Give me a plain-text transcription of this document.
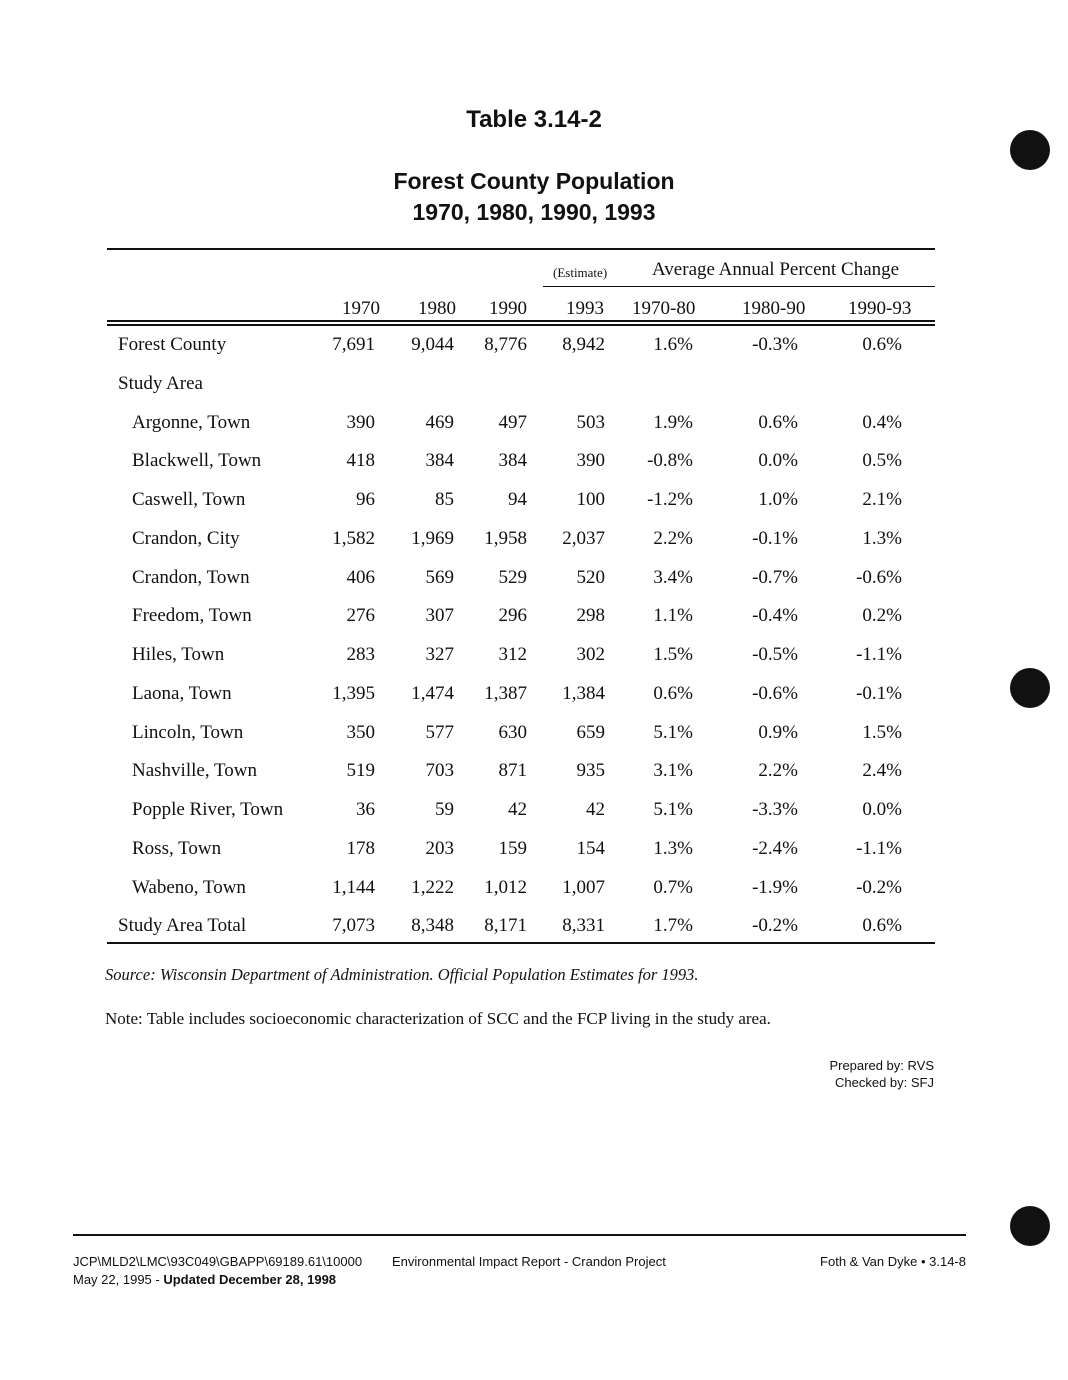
Table 3.14-2
Forest County Population
1970, 1980, 1990, 1993
(Estimate) Average Annual Percent Change
1970 1980 1990 1993 1970-80 1980-90 1990-93
Forest County	7,691	9,044	8,776	8,942	1.6%	-0.3%	0.6%
Study Area
Argonne, Town	390	469	497	503	1.9%	0.6%	0.4%
Blackwell, Town	418	384	384	390	-0.8%	0.0%	0.5%
Caswell, Town	96	85	94	100	-1.2%	1.0%	2.1%
Crandon, City	1,582	1,969	1,958	2,037	2.2%	-0.1%	1.3%
Crandon, Town	406	569	529	520	3.4%	-0.7%	-0.6%
Freedom, Town	276	307	296	298	1.1%	-0.4%	0.2%
Hiles, Town	283	327	312	302	1.5%	-0.5%	-1.1%
Laona, Town	1,395	1,474	1,387	1,384	0.6%	-0.6%	-0.1%
Lincoln, Town	350	577	630	659	5.1%	0.9%	1.5%
Nashville, Town	519	703	871	935	3.1%	2.2%	2.4%
Popple River, Town	36	59	42	42	5.1%	-3.3%	0.0%
Ross, Town	178	203	159	154	1.3%	-2.4%	-1.1%
Wabeno, Town	1,144	1,222	1,012	1,007	0.7%	-1.9%	-0.2%
Study Area Total	7,073	8,348	8,171	8,331	1.7%	-0.2%	0.6%
Source: Wisconsin Department of Administration. Official Population Estimates for 1993.
Note: Table includes socioeconomic characterization of SCC and the FCP living in the study area.
Prepared by: RVS
Checked by: SFJ
JCP\MLD2\LMC\93C049\GBAPP\69189.61\10000
May 22, 1995 - Updated December 28, 1998
Environmental Impact Report - Crandon Project	Foth & Van Dyke • 3.14-8
